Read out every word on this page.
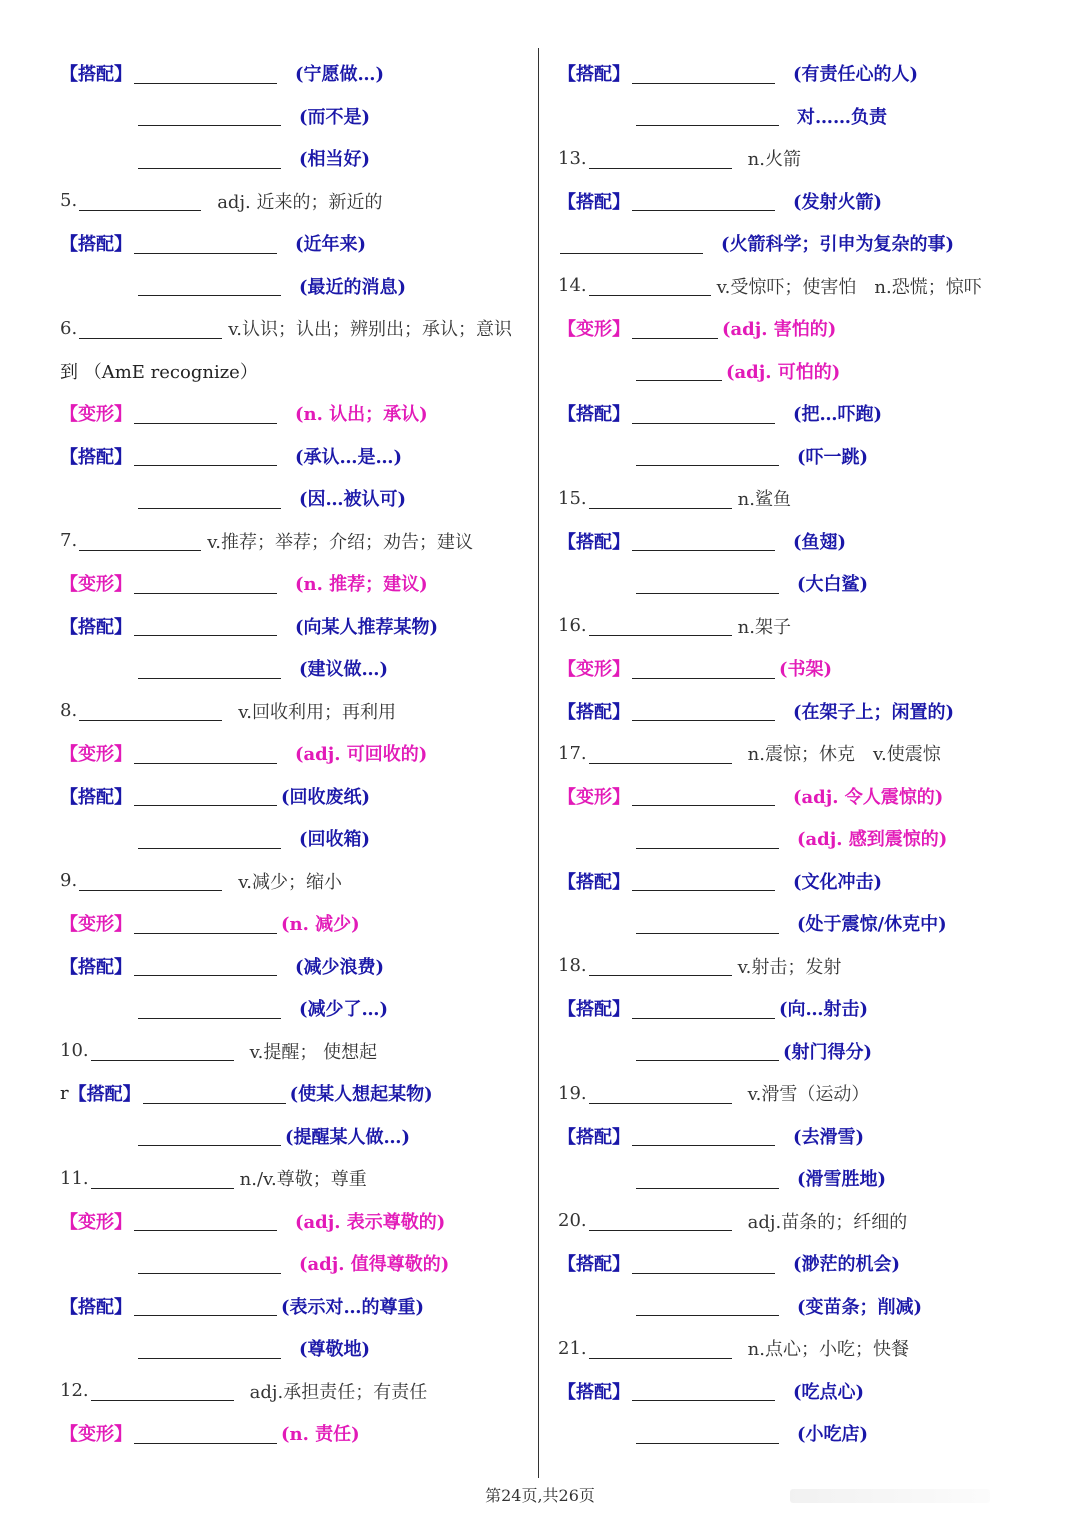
【搭配】	(宁愿做…)
(而不是)
(相当好)
5.	adj. 近来的；新近的
【搭配】	(近年来)
(最近的消息)
6.	v.认识；认出；辨别出；承认；意识
到 （AmE recognize）
【变形】	(n. 认出；承认)
【搭配】	(承认…是…)
(因…被认可)
7.	v.推荐；举荐；介绍；劝告；建议
【变形】	(n. 推荐；建议)
【搭配】	(向某人推荐某物)
(建议做…)
8.	v.回收利用；再利用
【变形】	(adj. 可回收的)
【搭配】	(回收废纸)
(回收箱)
9.	v.减少；缩小
【变形】	(n. 减少)
【搭配】	(减少浪费)
(减少了…)
10.	v.提醒； 使想起
r 【搭配】	(使某人想起某物)
(提醒某人做…)
11.	n./v.尊敬；尊重
【变形】	(adj. 表示尊敬的)
(adj. 值得尊敬的)
【搭配】	(表示对…的尊重)
(尊敬地)
12.	adj.承担责任；有责任
【变形】	(n. 责任)
【搭配】	(有责任心的人)
对……负责
13.	n.火箭
【搭配】	(发射火箭)
(火箭科学；引申为复杂的事)
14.	v.受惊吓；使害怕　n.恐慌；惊吓
【变形】	(adj. 害怕的)
(adj. 可怕的)
【搭配】	(把…吓跑)
(吓一跳)
15.	n.鲨鱼
【搭配】	(鱼翅)
(大白鲨)
16.	n.架子
【变形】	(书架)
【搭配】	(在架子上；闲置的)
17.	n.震惊；休克　v.使震惊
【变形】	(adj. 令人震惊的)
(adj. 感到震惊的)
【搭配】	(文化冲击)
(处于震惊/休克中)
18.	v.射击；发射
【搭配】	(向…射击)
(射门得分)
19.	v.滑雪（运动）
【搭配】	(去滑雪)
(滑雪胜地)
20.	adj.苗条的；纤细的
【搭配】	(渺茫的机会)
(变苗条；削减)
21.	n.点心；小吃；快餐
【搭配】	(吃点心)
(小吃店)
第24页,共26页
